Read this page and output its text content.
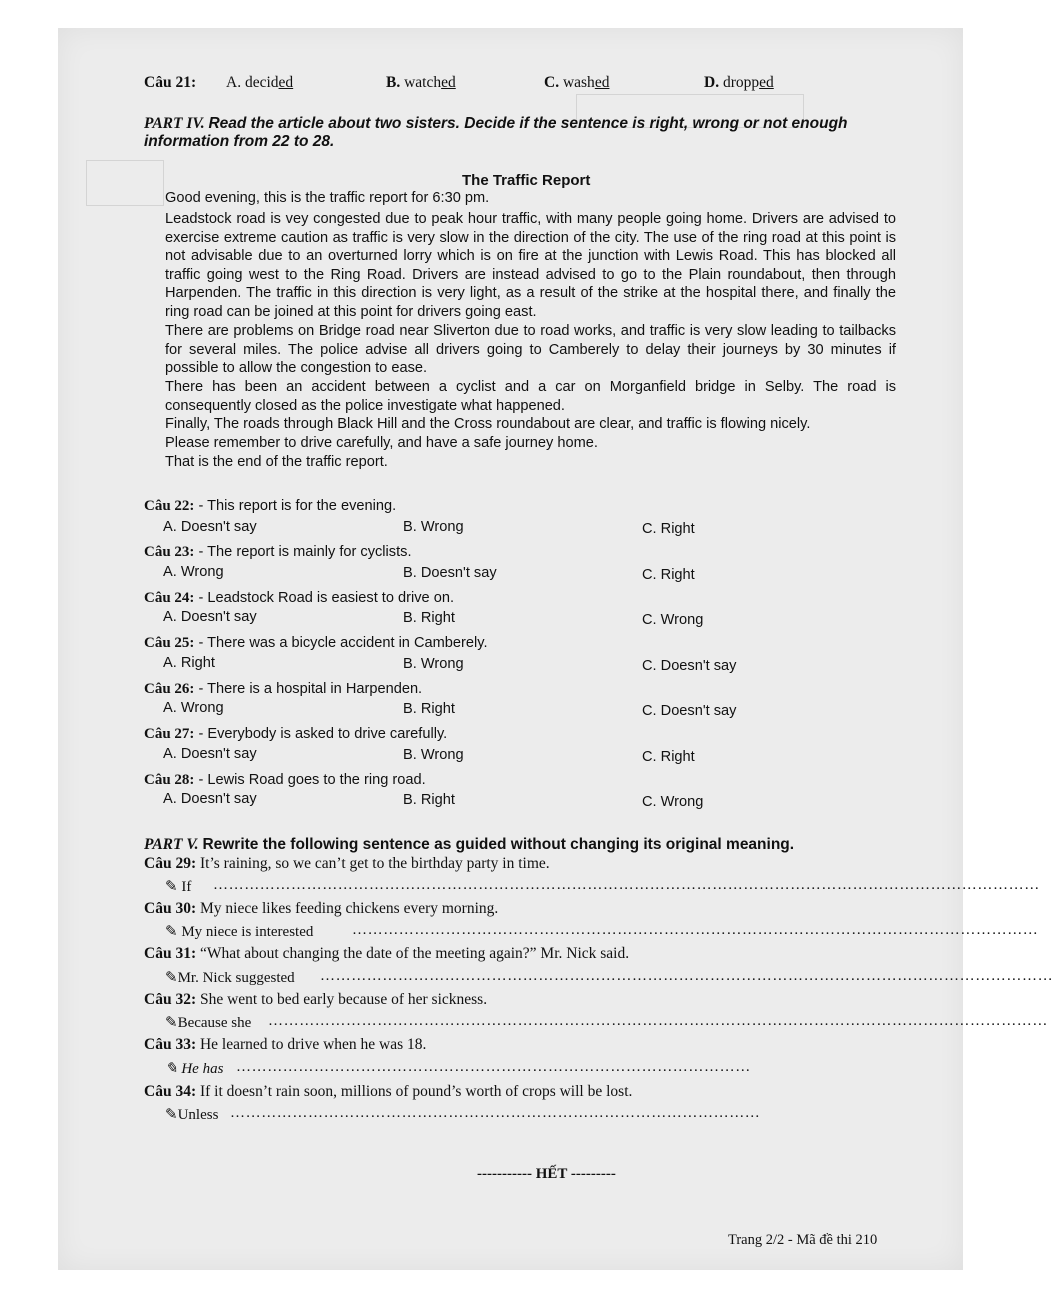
Câu 21: A. decided	B. watched	C. washed	D. dropped
PART IV. Read the article about two sisters. Decide if the sentence is right, wrong or not enough
information from 22 to 28.
The Traffic Report
Good evening, this is the traffic report for 6:30 pm.
Leadstock road is vey congested due to peak hour traffic, with many people going home. Drivers are advised to exercise extreme caution as traffic is very slow in the direction of the city. The use of the ring road at this point is not advisable due to an overturned lorry which is on fire at the junction with Lewis Road. This has blocked all traffic going west to the Ring Road. Drivers are instead advised to go to the Plain roundabout, then through Harpenden. The traffic in this direction is very light, as a result of the strike at the hospital there, and finally the ring road can be joined at this point for drivers going east.
There are problems on Bridge road near Sliverton due to road works, and traffic is very slow leading to tailbacks for several miles. The police advise all drivers going to Camberely to delay their journeys by 30 minutes if possible to allow the congestion to ease.
There has been an accident between a cyclist and a car on Morganfield bridge in Selby. The road is consequently closed as the police investigate what happened.
Finally, The roads through Black Hill and the Cross roundabout are clear, and traffic is flowing nicely.
Please remember to drive carefully, and have a safe journey home.
That is the end of the traffic report.
Câu 22: - This report is for the evening.
A. Doesn't say	B. Wrong	C. Right
Câu 23: - The report is mainly for cyclists.
A. Wrong	B. Doesn't say	C. Right
Câu 24: - Leadstock Road is easiest to drive on.
A. Doesn't say	B. Right	C. Wrong
Câu 25: - There was a bicycle accident in Camberely.
A. Right	B. Wrong	C. Doesn't say
Câu 26: - There is a hospital in Harpenden.
A. Wrong	B. Right	C. Doesn't say
Câu 27: - Everybody is asked to drive carefully.
A. Doesn't say	B. Wrong	C. Right
Câu 28: - Lewis Road goes to the ring road.
A. Doesn't say	B. Right	C. Wrong
PART V. Rewrite the following sentence as guided without changing its original meaning.
Câu 29: It’s raining, so we can’t get to the birthday party in time.
✎ If ……………………………………………………………………………………………………………………………………………
Câu 30: My niece likes feeding chickens every morning.
✎ My niece is interested	……………………………………………………………………………………………………………………
Câu 31: “What about changing the date of the meeting again?” Mr. Nick said.
✎Mr. Nick suggested ……………………………………………………………………………………………………………………………
Câu 32: She went to bed early because of her sickness.
✎Because she ……………………………………………………………………………………………………………………………………
Câu 33: He learned to drive when he was 18.
✎ He has ………………………………………………………………………………………
Câu 34: If it doesn’t rain soon, millions of pound’s worth of crops will be lost.
✎Unless …………………………………………………………………………………………
----------- HẾT ---------
Trang 2/2 - Mã đề thi 210
